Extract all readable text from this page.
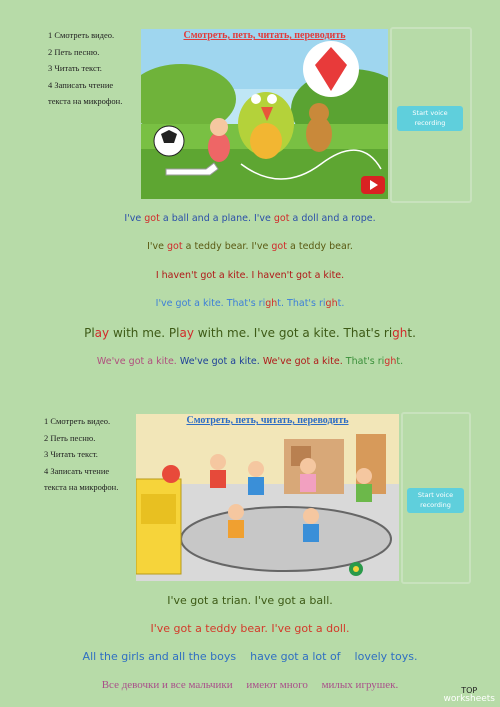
1 Смотреть видео.
2 Петь песню.
3 Читать текст.
4 Записать чтение
текста на микрофон.
Смотреть, петь, читать, переводить
Start voice
recording
I've got a ball and a plane. I've got a doll and a rope.
I've got a teddy bear. I've got a teddy bear.
I haven't got a kite. I haven't got a kite.
I've got a kite. That's right. That's right.
Play with me. Play with me. I've got a kite. That's right.
We've got a kite. We've got a kite. We've got a kite. That's right.
1 Смотреть видео.
2 Петь песню.
3 Читать текст.
4 Записать чтение
текста на микрофон.
Смотреть, петь, читать, переводить
Start voice
recording
I've got a trian. I've got a ball.
I've got a teddy bear. I've got a doll.
All the girls and all the boys    have got a lot of    lovely toys.
Все девочки и все мальчики     имеют много     милых игрушек.	TOP
worksheets
